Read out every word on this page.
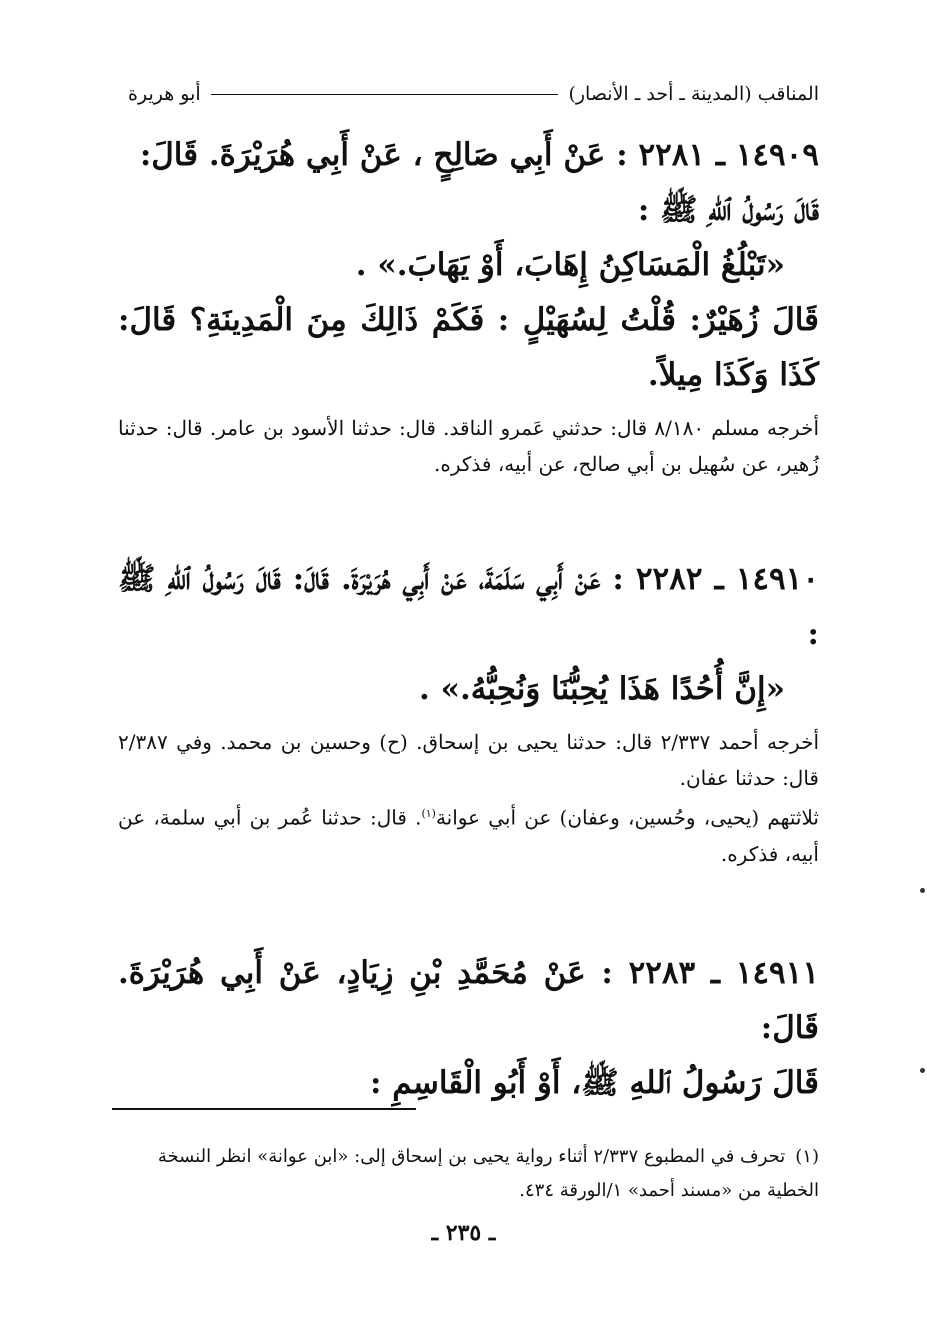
المناقب (المدينة ـ أحد ـ الأنصار)
أبو هريرة
١٤٩٠٩ ـ ٢٢٨١ : عَنْ أَبِي صَالِحٍ ، عَنْ أَبِي هُرَيْرَةَ. قَالَ:
قَالَ رَسُولُ ٱللهِ ﷺ :
«تَبْلُغُ الْمَسَاكِنُ إِهَابَ، أَوْ يَهَابَ.» .
قَالَ زُهَيْرٌ: قُلْتُ لِسُهَيْلٍ : فَكَمْ ذَالِكَ مِنَ الْمَدِينَةِ؟ قَالَ: كَذَا وَكَذَا مِيلاً.
أخرجه مسلم ٨/١٨٠ قال: حدثني عَمرو الناقد. قال: حدثنا الأسود بن عامر. قال: حدثنا زُهير، عن سُهيل بن أبي صالح، عن أبيه، فذكره.
١٤٩١٠ ـ ٢٢٨٢ : عَنْ أَبِي سَلَمَةَ، عَنْ أَبِي هُرَيْرَةَ. قَالَ: قَالَ رَسُولُ ٱللهِ ﷺ :
«إِنَّ أُحُدًا هَذَا يُحِبُّنَا وَنُحِبُّهُ.» .
أخرجه أحمد ٢/٣٣٧ قال: حدثنا يحيى بن إسحاق. (ح) وحسين بن محمد. وفي ٢/٣٨٧ قال: حدثنا عفان.
ثلاثتهم (يحيى، وحُسين، وعفان) عن أبي عوانة$^{(١)}$. قال: حدثنا عُمر بن أبي سلمة، عن أبيه، فذكره.
١٤٩١١ ـ ٢٢٨٣ : عَنْ مُحَمَّدِ بْنِ زِيَادٍ، عَنْ أَبِي هُرَيْرَةَ. قَالَ:
قَالَ رَسُولُ ٱللهِ ﷺ، أَوْ أَبُو الْقَاسِمِ :
(١)تحرف في المطبوع ٢/٣٣٧ أثناء رواية يحيى بن إسحاق إلى: «ابن عوانة» انظر النسخة الخطية من «مسند أحمد» ١/الورقة ٤٣٤.
ـ ٢٣٥ ـ
